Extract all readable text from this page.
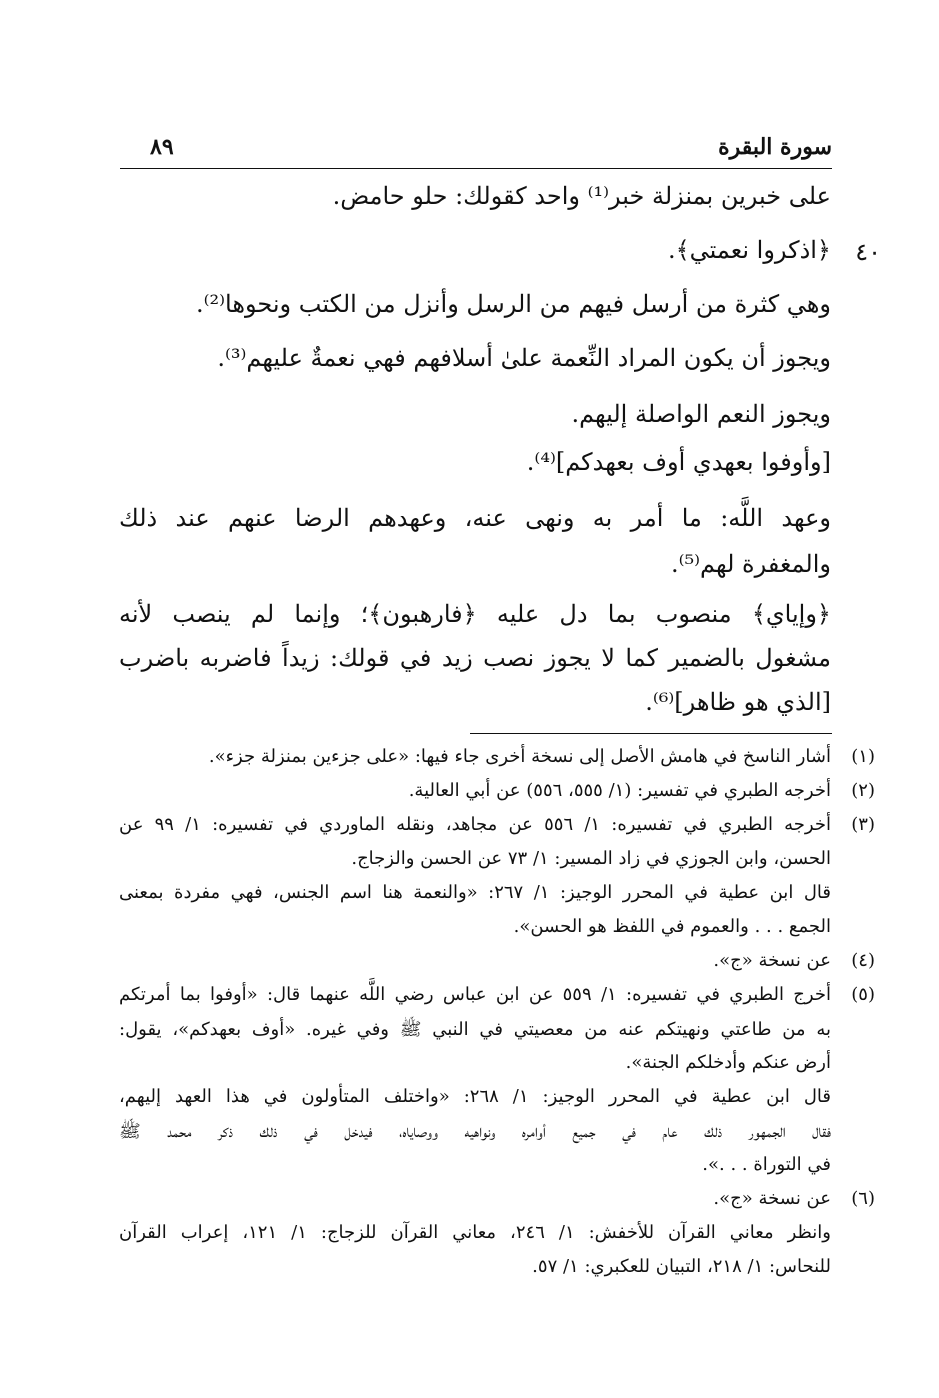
سورة البقرة
٨٩
على خبرين بمنزلة خبر⁽¹⁾ واحد كقولك: حلو حامض.
٤٠
﴿اذكروا نعمتي﴾.
وهي كثرة من أرسل فيهم من الرسل وأنزل من الكتب ونحوها⁽²⁾.
ويجوز أن يكون المراد النِّعمة علىٰ أسلافهم فهي نعمةٌ عليهم⁽³⁾.
ويجوز النعم الواصلة إليهم.
[وأوفوا بعهدي أوف بعهدكم]⁽⁴⁾.
وعهد اللَّه: ما أمر به ونهى عنه، وعهدهم الرضا عنهم عند ذلك
والمغفرة لهم⁽⁵⁾.
﴿وإياي﴾ منصوب بما دل عليه ﴿فارهبون﴾؛ وإنما لم ينصب لأنه
مشغول بالضمير كما لا يجوز نصب زيد في قولك: زيداً فاضربه باضرب
[الذي هو ظاهر]⁽⁶⁾.
(١)
أشار الناسخ في هامش الأصل إلى نسخة أخرى جاء فيها: «على جزءين بمنزلة جزء».
(٢)
أخرجه الطبري في تفسير: (١/ ٥٥٥، ٥٥٦) عن أبي العالية.
(٣)
أخرجه الطبري في تفسيره: ١/ ٥٥٦ عن مجاهد، ونقله الماوردي في تفسيره: ١/ ٩٩ عن
الحسن، وابن الجوزي في زاد المسير: ١/ ٧٣ عن الحسن والزجاج.
قال ابن عطية في المحرر الوجيز: ١/ ٢٦٧: «والنعمة هنا اسم الجنس، فهي مفردة بمعنى
الجمع . . . والعموم في اللفظ هو الحسن».
(٤)
عن نسخة «ج».
(٥)
أخرج الطبري في تفسيره: ١/ ٥٥٩ عن ابن عباس رضي اللَّه عنهما قال: «أوفوا بما أمرتكم
به من طاعتي ونهيتكم عنه من معصيتي في النبي ﷺ وفي غيره. «أوف بعهدكم»، يقول:
أرض عنكم وأدخلكم الجنة».
قال ابن عطية في المحرر الوجيز: ١/ ٢٦٨: «واختلف المتأولون في هذا العهد إليهم،
فقال الجمهور ذلك عام في جميع أوامره ونواهيه ووصاياه، فيدخل في ذلك ذكر محمد ﷺ
في التوراة . . .».
(٦)
عن نسخة «ج».
وانظر معاني القرآن للأخفش: ١/ ٢٤٦، معاني القرآن للزجاج: ١/ ١٢١، إعراب القرآن
للنحاس: ١/ ٢١٨، التبيان للعكبري: ١/ ٥٧.
